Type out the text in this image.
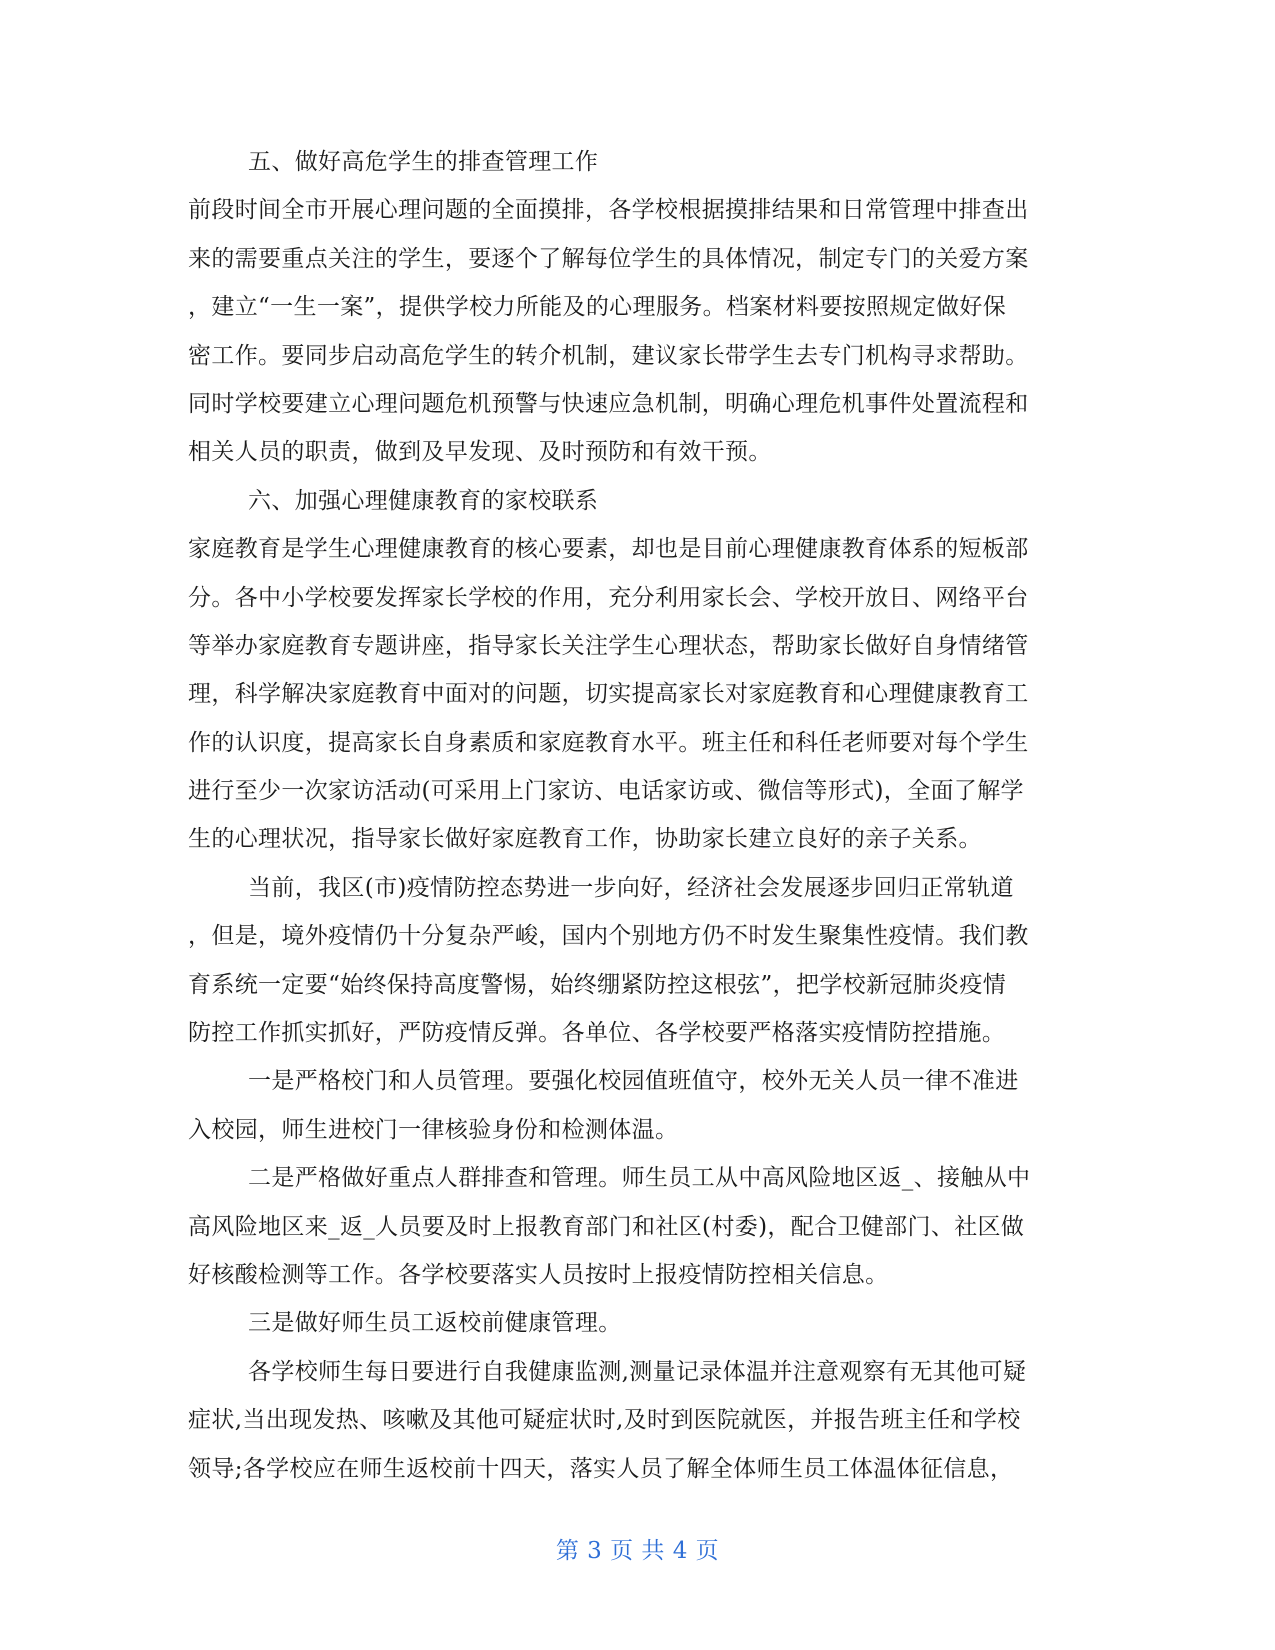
五、做好高危学生的排查管理工作
前段时间全市开展心理问题的全面摸排，各学校根据摸排结果和日常管理中排查出
来的需要重点关注的学生，要逐个了解每位学生的具体情况，制定专门的关爱方案
，建立“一生一案”，提供学校力所能及的心理服务。档案材料要按照规定做好保
密工作。要同步启动高危学生的转介机制，建议家长带学生去专门机构寻求帮助。
同时学校要建立心理问题危机预警与快速应急机制，明确心理危机事件处置流程和
相关人员的职责，做到及早发现、及时预防和有效干预。
六、加强心理健康教育的家校联系
家庭教育是学生心理健康教育的核心要素，却也是目前心理健康教育体系的短板部
分。各中小学校要发挥家长学校的作用，充分利用家长会、学校开放日、网络平台
等举办家庭教育专题讲座，指导家长关注学生心理状态，帮助家长做好自身情绪管
理，科学解决家庭教育中面对的问题，切实提高家长对家庭教育和心理健康教育工
作的认识度，提高家长自身素质和家庭教育水平。班主任和科任老师要对每个学生
进行至少一次家访活动(可采用上门家访、电话家访或、微信等形式)，全面了解学
生的心理状况，指导家长做好家庭教育工作，协助家长建立良好的亲子关系。
当前，我区(市)疫情防控态势进一步向好，经济社会发展逐步回归正常轨道
，但是，境外疫情仍十分复杂严峻，国内个别地方仍不时发生聚集性疫情。我们教
育系统一定要“始终保持高度警惕，始终绷紧防控这根弦”，把学校新冠肺炎疫情
防控工作抓实抓好，严防疫情反弹。各单位、各学校要严格落实疫情防控措施。
一是严格校门和人员管理。要强化校园值班值守，校外无关人员一律不准进
入校园，师生进校门一律核验身份和检测体温。
二是严格做好重点人群排查和管理。师生员工从中高风险地区返_、接触从中
高风险地区来_返_人员要及时上报教育部门和社区(村委)，配合卫健部门、社区做
好核酸检测等工作。各学校要落实人员按时上报疫情防控相关信息。
三是做好师生员工返校前健康管理。
各学校师生每日要进行自我健康监测,测量记录体温并注意观察有无其他可疑
症状,当出现发热、咳嗽及其他可疑症状时,及时到医院就医，并报告班主任和学校
领导;各学校应在师生返校前十四天，落实人员了解全体师生员工体温体征信息，
第 3 页 共 4 页
